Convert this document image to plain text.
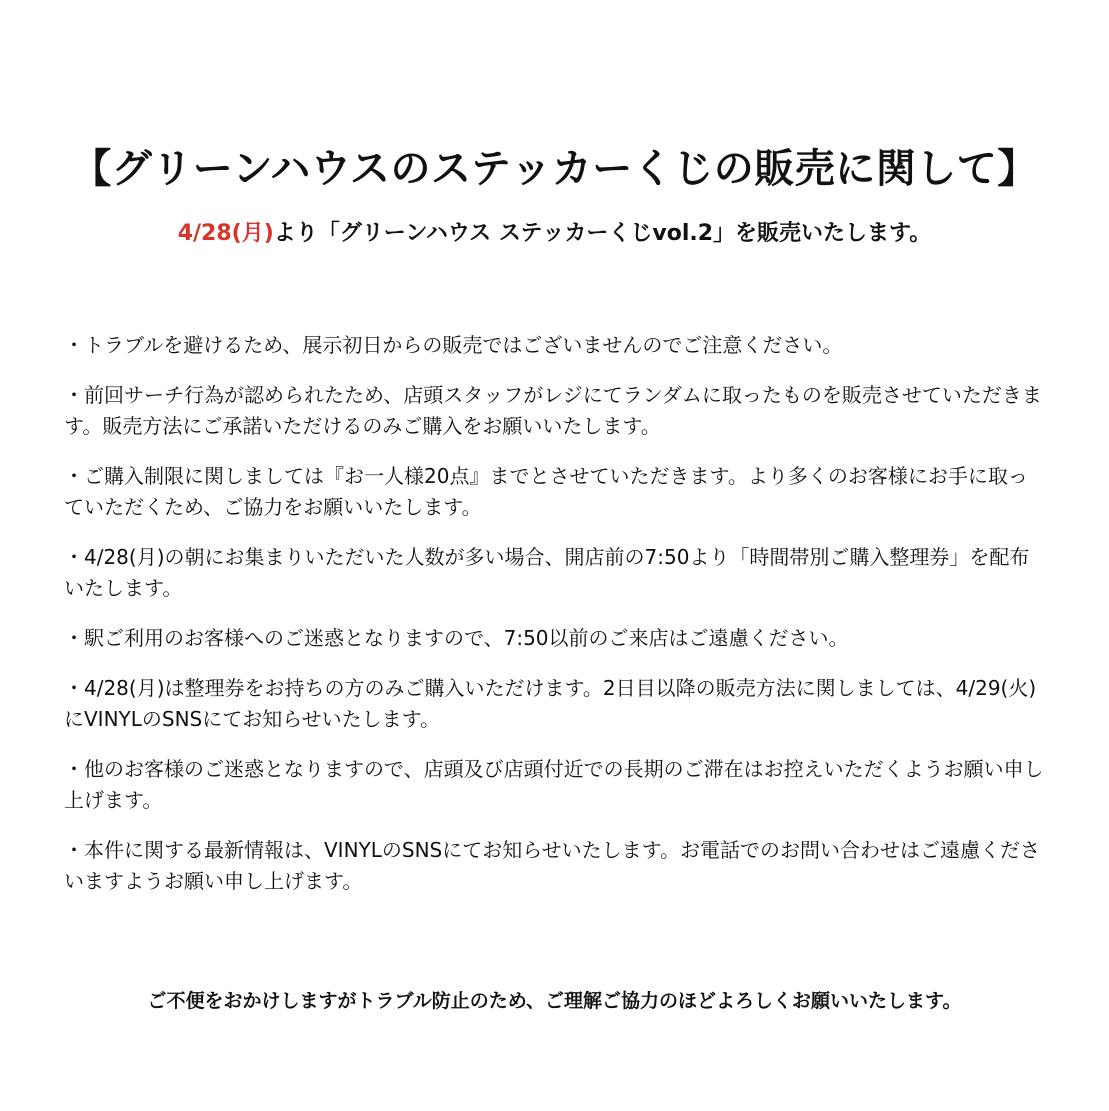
【グリーンハウスのステッカーくじの販売に関して】
4/28(月)より「グリーンハウス ステッカーくじvol.2」を販売いたします。
・トラブルを避けるため、展示初日からの販売ではございませんのでご注意ください。
・前回サーチ行為が認められたため、店頭スタッフがレジにてランダムに取ったものを販売させていただきます。販売方法にご承諾いただけるのみご購入をお願いいたします。
・ご購入制限に関しましては『お一人様20点』までとさせていただきます。より多くのお客様にお手に取っていただくため、ご協力をお願いいたします。
・4/28(月)の朝にお集まりいただいた人数が多い場合、開店前の7:50より「時間帯別ご購入整理券」を配布いたします。
・駅ご利用のお客様へのご迷惑となりますので、7:50以前のご来店はご遠慮ください。
・4/28(月)は整理券をお持ちの方のみご購入いただけます。2日目以降の販売方法に関しましては、4/29(火)にVINYLのSNSにてお知らせいたします。
・他のお客様のご迷惑となりますので、店頭及び店頭付近での長期のご滞在はお控えいただくようお願い申し上げます。
・本件に関する最新情報は、VINYLのSNSにてお知らせいたします。お電話でのお問い合わせはご遠慮くださいますようお願い申し上げます。
ご不便をおかけしますがトラブル防止のため、ご理解ご協力のほどよろしくお願いいたします。
